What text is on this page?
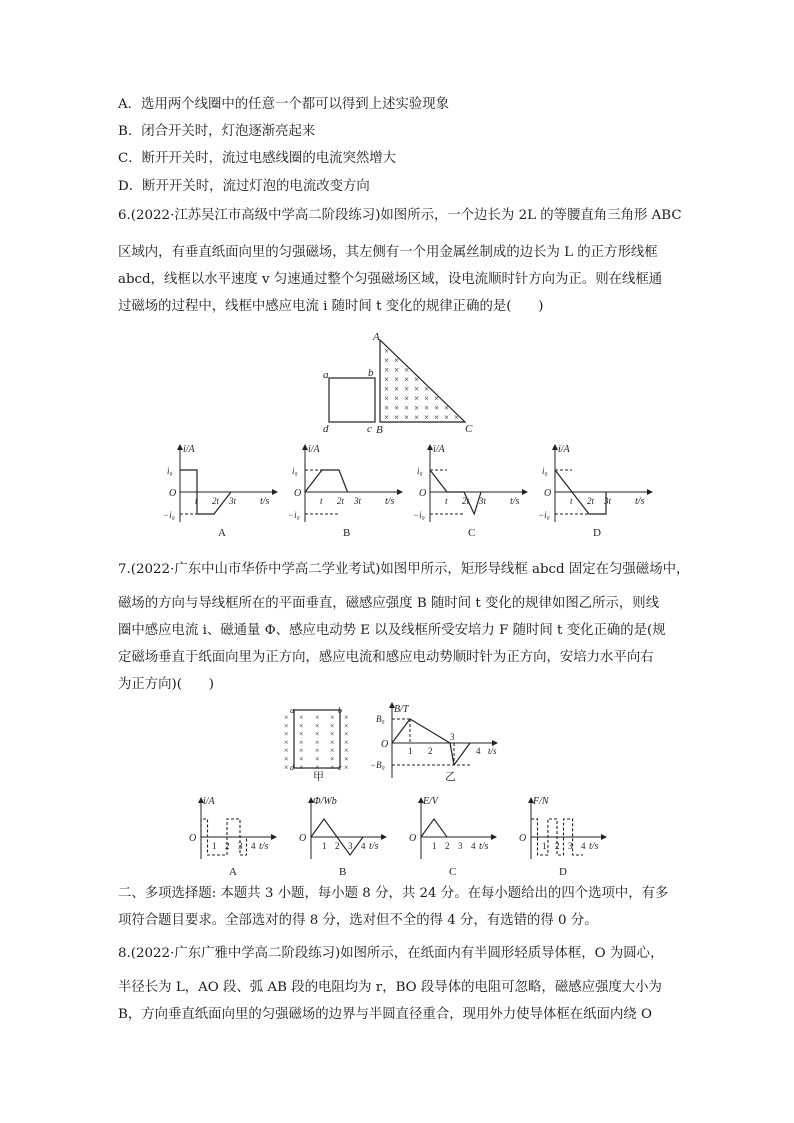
A．选用两个线圈中的任意一个都可以得到上述实验现象
B．闭合开关时，灯泡逐渐亮起来
C．断开开关时，流过电感线圈的电流突然增大
D．断开开关时，流过灯泡的电流改变方向
6.(2022·江苏吴江市高级中学高二阶段练习)如图所示，一个边长为 2L 的等腰直角三角形 ABC
区域内，有垂直纸面向里的匀强磁场，其左侧有一个用金属丝制成的边长为 L 的正方形线框
abcd，线框以水平速度 v 匀速通过整个匀强磁场区域，设电流顺时针方向为正。则在线框通
过磁场的过程中，线框中感应电流 i 随时间 t 变化的规律正确的是(　　)
a	b
c
d
A
B	C
×
× ×
× × ×
× × × ×
× × × × ×
× × × × × ×
× × × × × × ×
× × × × × × × ×
i/A
t/s
O
i₀
−i₀
t 2t 3t
A
i/A
t/s
O
i₀
−i₀
t 2t 3t
B
i/A
t/s
O
i₀
−i₀
t 2t 3t
C
i/A
t/s
O
i₀
−i₀
t 2t 3t
D
7.(2022·广东中山市华侨中学高二学业考试)如图甲所示，矩形导线框 abcd 固定在匀强磁场中，
磁场的方向与导线框所在的平面垂直，磁感应强度 B 随时间 t 变化的规律如图乙所示，则线
圈中感应电流 i、磁通量 Φ、感应电动势 E 以及线框所受安培力 F 随时间 t 变化正确的是(规
定磁场垂直于纸面向里为正方向，感应电流和感应电动势顺时针为正方向，安培力水平向右
为正方向)(　　)
a	b
c
d
× × × × ×
× × × × ×
× × × × ×
× × × × ×
× × × × ×
× × × × ×
× × × × ×
甲
B/T
B₀
−B₀
O
1 2
3
4 t/s
乙
i/A
t/s
O
1 2 3 4
A
Φ/Wb
t/s
O
1 2 3 4
B
E/V
t/s
O
1 2 3 4
C
F/N
t/s
O
1 2 3 4
D
二、多项选择题: 本题共 3 小题，每小题 8 分，共 24 分。在每小题给出的四个选项中，有多
项符合题目要求。全部选对的得 8 分，选对但不全的得 4 分，有选错的得 0 分。
8.(2022·广东广雅中学高二阶段练习)如图所示，在纸面内有半圆形轻质导体框，O 为圆心，
半径长为 L，AO 段、弧 AB 段的电阻均为 r，BO 段导体的电阻可忽略，磁感应强度大小为
B，方向垂直纸面向里的匀强磁场的边界与半圆直径重合，现用外力使导体框在纸面内绕 O
